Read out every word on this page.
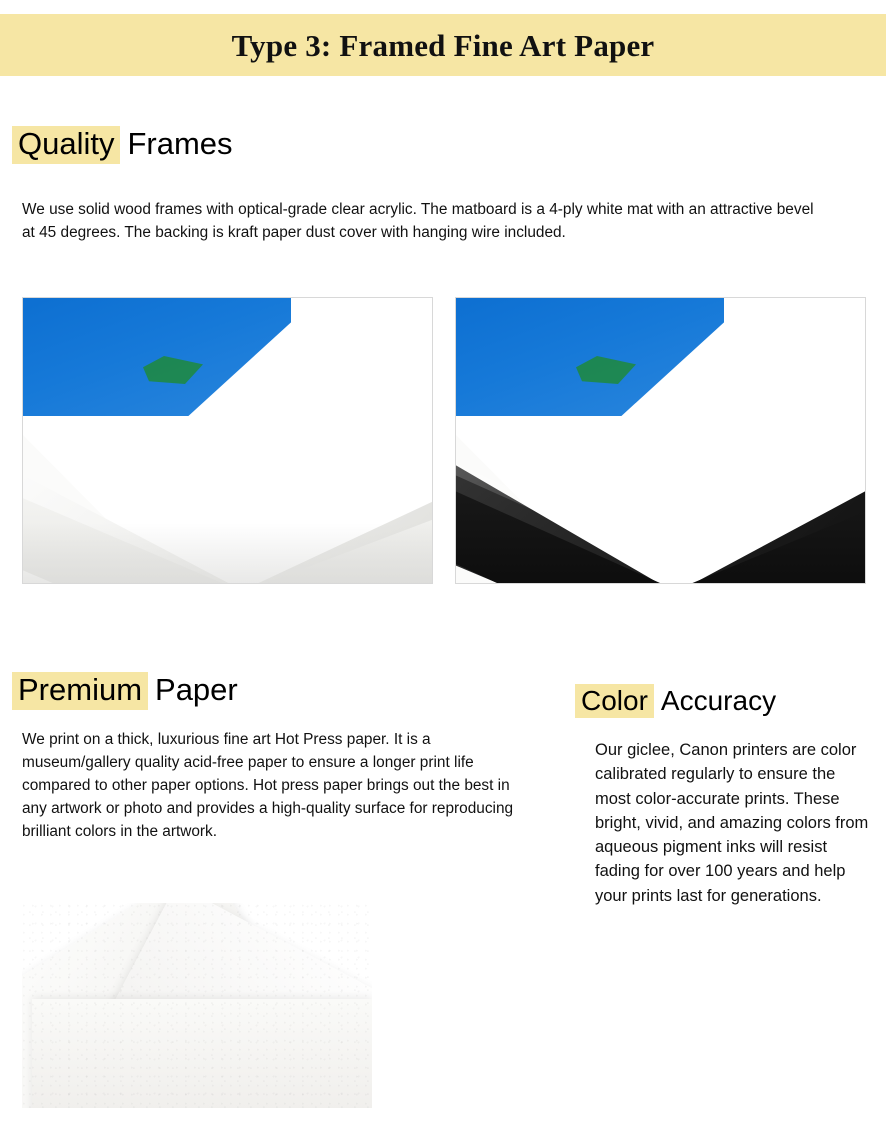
Type 3: Framed Fine Art Paper
Quality Frames
We use solid wood frames with optical-grade clear acrylic. The matboard is a 4-ply white mat with an attractive bevel at 45 degrees. The backing is kraft paper dust cover with hanging wire included.
Premium Paper
We print on a thick, luxurious fine art Hot Press paper. It is a museum/gallery quality acid-free paper to ensure a longer print life compared to other paper options. Hot press paper brings out the best in any artwork or photo and provides a high-quality surface for reproducing brilliant colors in the artwork.
Color Accuracy
Our giclee, Canon printers are color calibrated regularly to ensure the most color-accurate prints. These bright, vivid, and amazing colors from aqueous pigment inks will resist fading for over 100 years and help your prints last for generations.
